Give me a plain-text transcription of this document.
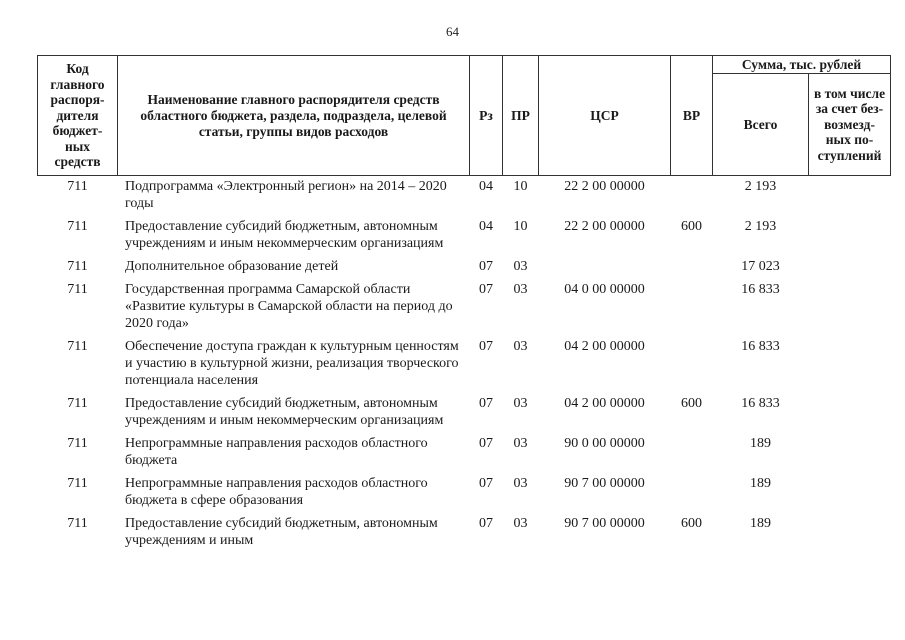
64
Код главного распоря-дителя бюджет-ных средств	Наименование главного распорядителя средств областного бюджета, раздела, подраздела, целевой статьи, группы видов расходов	Рз	ПР	ЦСР	ВР	Сумма, тыс. рублей	
						Всего	в том числе за счет без-возмезд-ных по-ступлений
711	Подпрограмма «Электронный регион» на 2014 – 2020 годы	04	10	22 2 00 00000		2 193	

711	Предоставление субсидий бюджетным, автономным учреждениям и иным некоммерческим организациям	04	10	22 2 00 00000	600	2 193	

711	Дополнительное образование детей	07	03			17 023	

711	Государственная программа Самарской области «Развитие культуры в Самарской области на период до 2020 года»	07	03	04 0 00 00000		16 833	

711	Обеспечение доступа граждан к культурным ценностям и участию в культурной жизни, реализация творческого потенциала населения	07	03	04 2 00 00000		16 833	

711	Предоставление субсидий бюджетным, автономным учреждениям и иным некоммерческим организациям	07	03	04 2 00 00000	600	16 833	

711	Непрограммные направления расходов областного бюджета	07	03	90 0 00 00000		189	

711	Непрограммные направления расходов областного бюджета в сфере образования	07	03	90 7 00 00000		189	

711	Предоставление субсидий бюджетным, автономным учреждениям и иным	07	03	90 7 00 00000	600	189	
